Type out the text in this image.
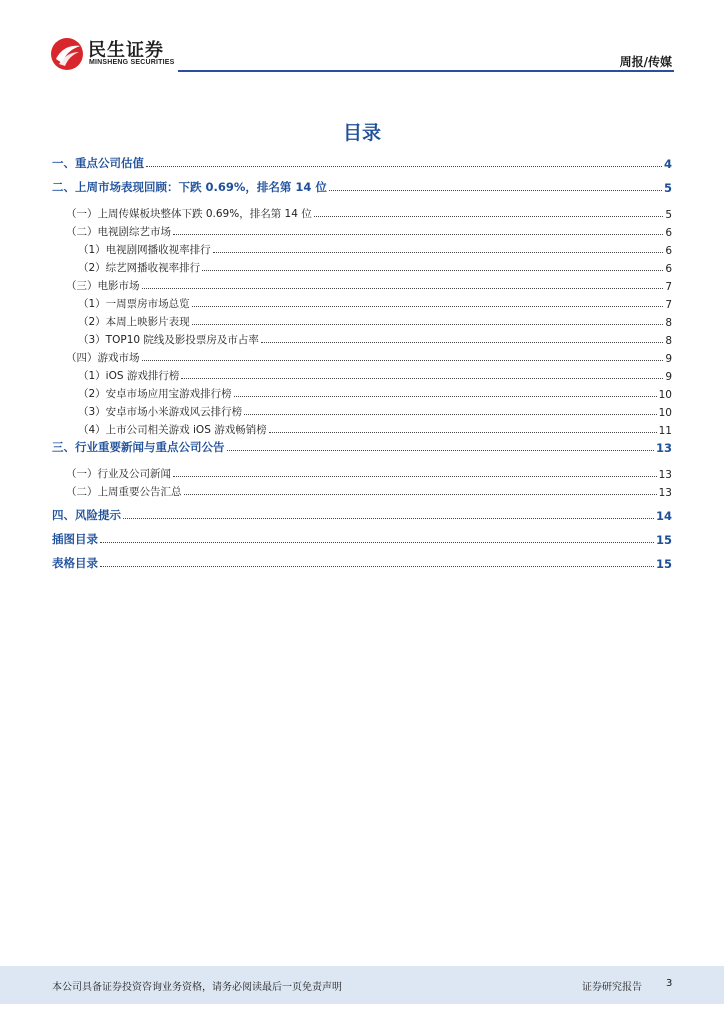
民生证券
MINSHENG SECURITIES	周报/传媒
目录
一、重点公司估值	4
二、上周市场表现回顾：下跌 0.69%，排名第 14 位	5
（一）上周传媒板块整体下跌 0.69%，排名第 14 位	5
（二）电视剧综艺市场	6
（1）电视剧网播收视率排行	6
（2）综艺网播收视率排行	6
（三）电影市场	7
（1）一周票房市场总览	7
（2）本周上映影片表现	8
（3）TOP10 院线及影投票房及市占率	8
（四）游戏市场	9
（1）iOS 游戏排行榜	9
（2）安卓市场应用宝游戏排行榜	10
（3）安卓市场小米游戏风云排行榜	10
（4）上市公司相关游戏 iOS 游戏畅销榜	11
三、行业重要新闻与重点公司公告	13
（一）行业及公司新闻	13
（二）上周重要公告汇总	13
四、风险提示	14
插图目录	15
表格目录	15
本公司具备证券投资咨询业务资格，请务必阅读最后一页免责声明	证券研究报告 3
